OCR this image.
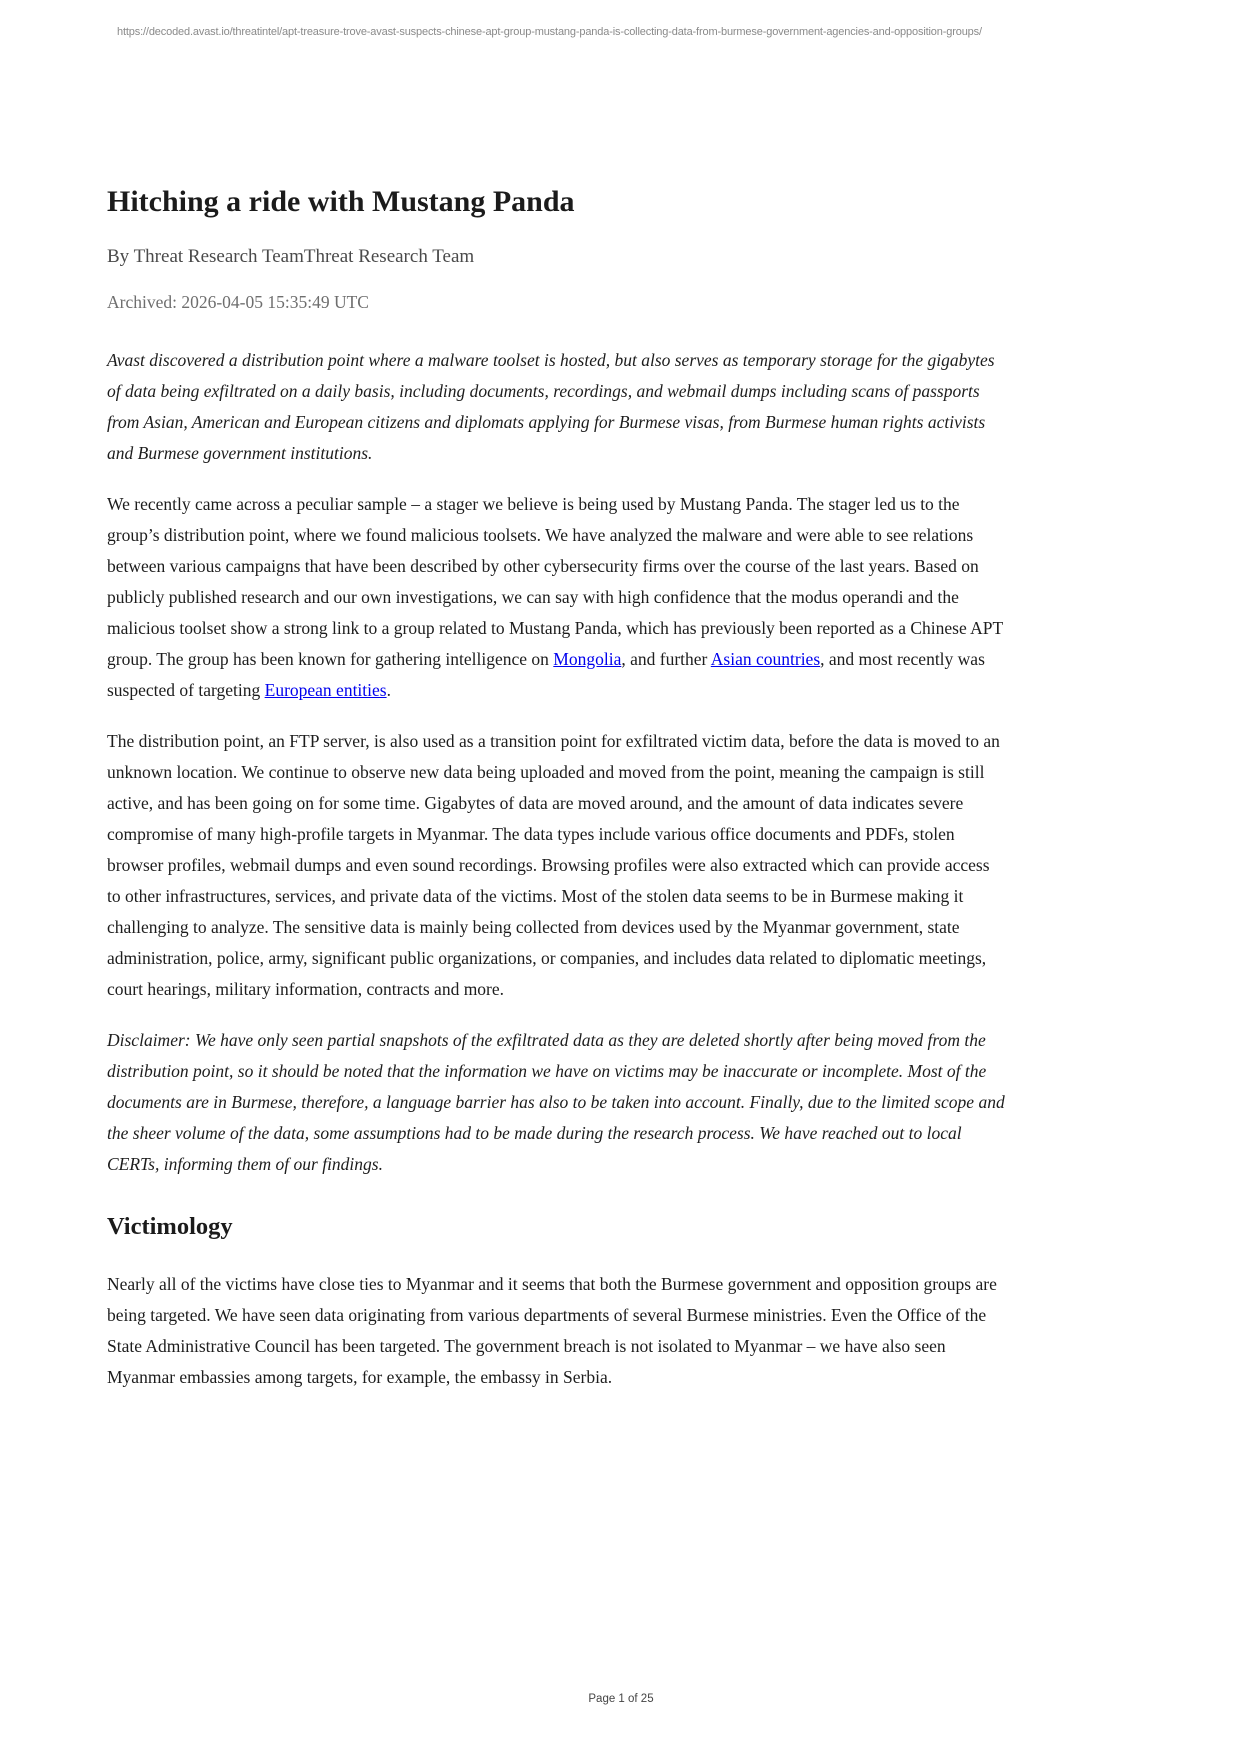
https://decoded.avast.io/threatintel/apt-treasure-trove-avast-suspects-chinese-apt-group-mustang-panda-is-collecting-data-from-burmese-government-agencies-and-opposition-groups/
Hitching a ride with Mustang Panda

By Threat Research TeamThreat Research Team

Archived: 2026-04-05 15:35:49 UTC

Avast discovered a distribution point where a malware toolset is hosted, but also serves as temporary storage for the gigabytes of data being exfiltrated on a daily basis, including documents, recordings, and webmail dumps including scans of passports from Asian, American and European citizens and diplomats applying for Burmese visas, from Burmese human rights activists and Burmese government institutions.

We recently came across a peculiar sample – a stager we believe is being used by Mustang Panda. The stager led us to the group’s distribution point, where we found malicious toolsets. We have analyzed the malware and were able to see relations between various campaigns that have been described by other cybersecurity firms over the course of the last years. Based on publicly published research and our own investigations, we can say with high confidence that the modus operandi and the malicious toolset show a strong link to a group related to Mustang Panda, which has previously been reported as a Chinese APT group. The group has been known for gathering intelligence on Mongolia, and further Asian countries, and most recently was suspected of targeting European entities.

The distribution point, an FTP server, is also used as a transition point for exfiltrated victim data, before the data is moved to an unknown location. We continue to observe new data being uploaded and moved from the point, meaning the campaign is still active, and has been going on for some time. Gigabytes of data are moved around, and the amount of data indicates severe compromise of many high-profile targets in Myanmar. The data types include various office documents and PDFs, stolen browser profiles, webmail dumps and even sound recordings. Browsing profiles were also extracted which can provide access to other infrastructures, services, and private data of the victims. Most of the stolen data seems to be in Burmese making it challenging to analyze. The sensitive data is mainly being collected from devices used by the Myanmar government, state administration, police, army, significant public organizations, or companies, and includes data related to diplomatic meetings, court hearings, military information, contracts and more.

Disclaimer: We have only seen partial snapshots of the exfiltrated data as they are deleted shortly after being moved from the distribution point, so it should be noted that the information we have on victims may be inaccurate or incomplete. Most of the documents are in Burmese, therefore, a language barrier has also to be taken into account. Finally, due to the limited scope and the sheer volume of the data, some assumptions had to be made during the research process. We have reached out to local CERTs, informing them of our findings.

Victimology

Nearly all of the victims have close ties to Myanmar and it seems that both the Burmese government and opposition groups are being targeted. We have seen data originating from various departments of several Burmese ministries. Even the Office of the State Administrative Council has been targeted. The government breach is not isolated to Myanmar – we have also seen Myanmar embassies among targets, for example, the embassy in Serbia.

Page 1 of 25
